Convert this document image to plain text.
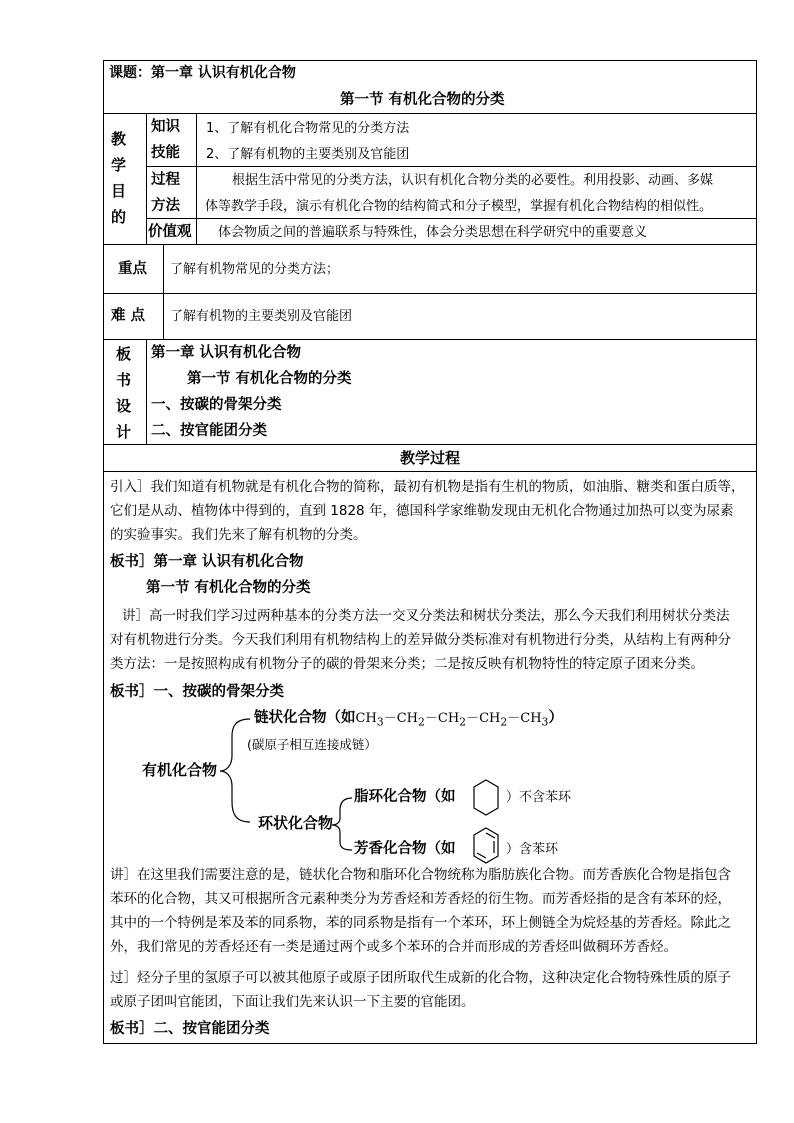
课题：第一章 认识有机化合物
第一节 有机化合物的分类
教
学
目
的
知识
技能
1、了解有机化合物常见的分类方法
2、了解有机物的主要类别及官能团
过程
方法
根据生活中常见的分类方法，认识有机化合物分类的必要性。利用投影、动画、多媒
体等教学手段，演示有机化合物的结构简式和分子模型，掌握有机化合物结构的相似性。
价值观 体会物质之间的普遍联系与特殊性，体会分类思想在科学研究中的重要意义
重点 了解有机物常见的分类方法；
难 点 了解有机物的主要类别及官能团
板
书
设
计
第一章 认识有机化合物
第一节 有机化合物的分类
一、按碳的骨架分类
二、按官能团分类
教学过程
引入］我们知道有机物就是有机化合物的简称，最初有机物是指有生机的物质，如油脂、糖类和蛋白质等，
它们是从动、植物体中得到的，直到 1828 年，德国科学家维勒发现由无机化合物通过加热可以变为尿素
的实验事实。我们先来了解有机物的分类。
板书］第一章 认识有机化合物
第一节 有机化合物的分类
讲］高一时我们学习过两种基本的分类方法一交叉分类法和树状分类法，那么今天我们利用树状分类法
对有机物进行分类。今天我们利用有机物结构上的差异做分类标准对有机物进行分类，从结构上有两种分
类方法：一是按照构成有机物分子的碳的骨架来分类；二是按反映有机物特性的特定原子团来分类。
板书］一、按碳的骨架分类
有机化合物
链状化合物（如$CH_3-CH_2-CH_2-CH_2-CH_3$）
(碳原子相互连接成链）
环状化合物
脂环化合物（如	）不含苯环
芳香化合物（如	）含苯环
讲］在这里我们需要注意的是，链状化合物和脂环化合物统称为脂肪族化合物。而芳香族化合物是指包含
苯环的化合物，其又可根据所含元素种类分为芳香烃和芳香烃的衍生物。而芳香烃指的是含有苯环的烃，
其中的一个特例是苯及苯的同系物，苯的同系物是指有一个苯环，环上侧链全为烷烃基的芳香烃。除此之
外，我们常见的芳香烃还有一类是通过两个或多个苯环的合并而形成的芳香烃叫做稠环芳香烃。
过］烃分子里的氢原子可以被其他原子或原子团所取代生成新的化合物，这种决定化合物特殊性质的原子
或原子团叫官能团，下面让我们先来认识一下主要的官能团。
板书］二、按官能团分类
